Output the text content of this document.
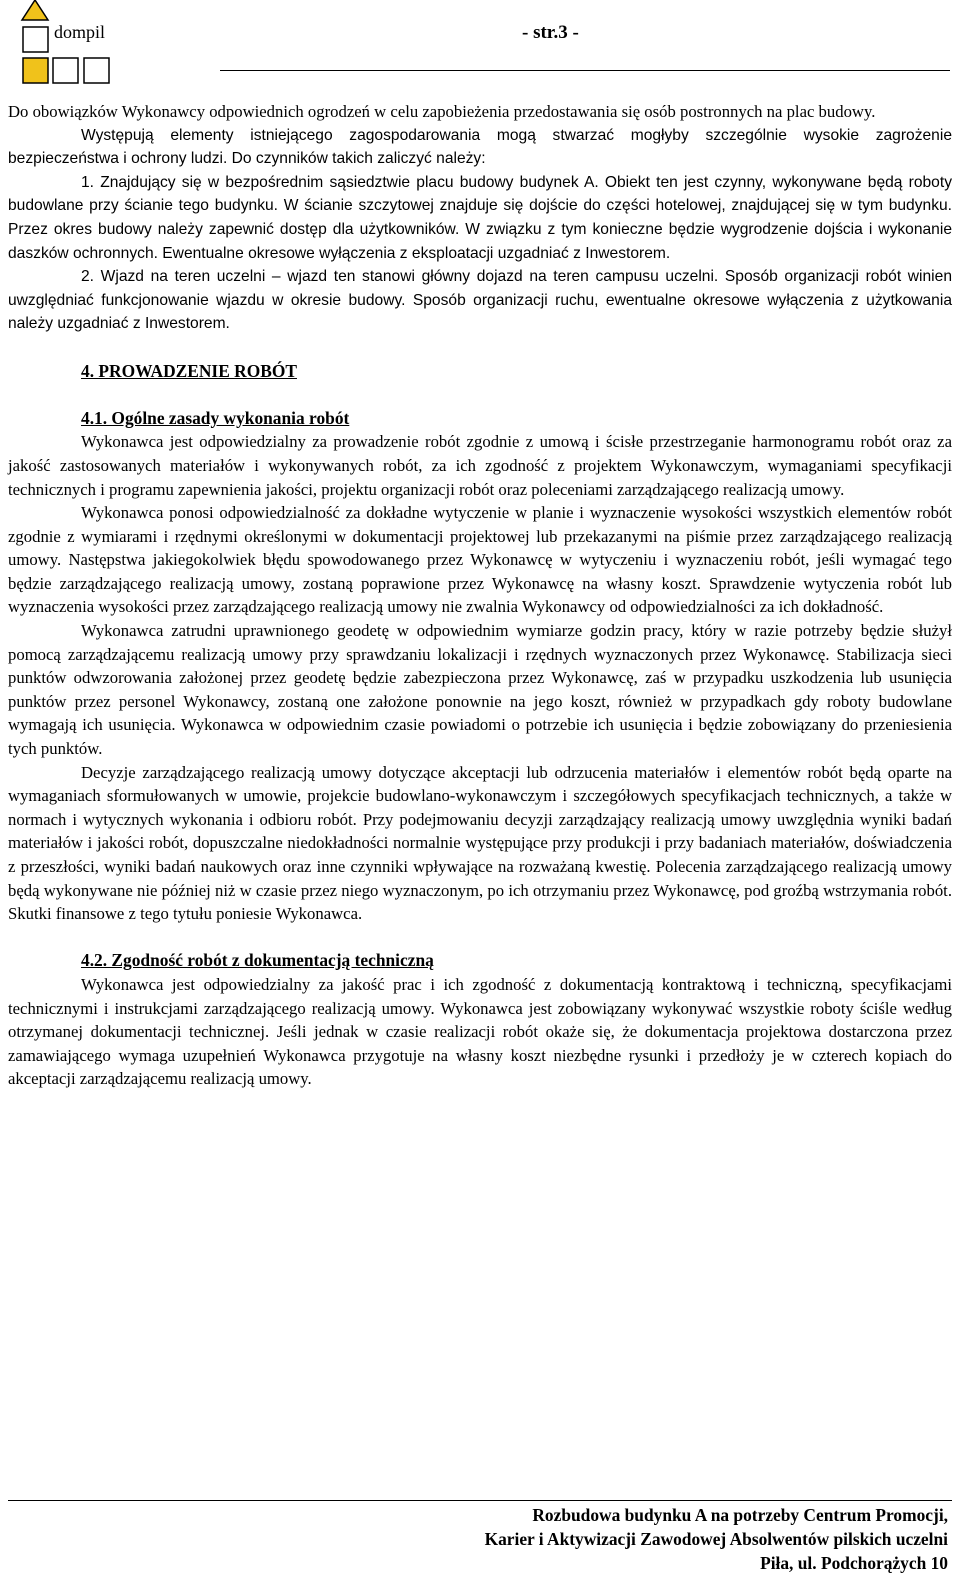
dompil	- str.3 -

Do obowiązków Wykonawcy odpowiednich ogrodzeń w celu zapobieżenia przedostawania się osób postronnych na plac budowy.

Występują elementy istniejącego zagospodarowania mogą stwarzać mogłyby szczególnie wysokie zagrożenie bezpieczeństwa i ochrony ludzi. Do czynników takich zaliczyć należy:

1. Znajdujący się w bezpośrednim sąsiedztwie placu budowy budynek A. Obiekt ten jest czynny, wykonywane będą roboty budowlane przy ścianie tego budynku. W ścianie szczytowej znajduje się dojście do części hotelowej, znajdującej się w tym budynku. Przez okres budowy należy zapewnić dostęp dla użytkowników. W związku z tym konieczne będzie wygrodzenie dojścia i wykonanie daszków ochronnych. Ewentualne okresowe wyłączenia z eksploatacji uzgadniać z Inwestorem.

2. Wjazd na teren uczelni – wjazd ten stanowi główny dojazd na teren campusu uczelni. Sposób organizacji robót winien uwzględniać funkcjonowanie wjazdu w okresie budowy. Sposób organizacji ruchu, ewentualne okresowe wyłączenia z użytkowania należy uzgadniać z Inwestorem.

4. PROWADZENIE ROBÓT

4.1. Ogólne zasady wykonania robót

Wykonawca jest odpowiedzialny za prowadzenie robót zgodnie z umową i ścisłe przestrzeganie harmonogramu robót oraz za jakość zastosowanych materiałów i wykonywanych robót, za ich zgodność z projektem Wykonawczym, wymaganiami specyfikacji technicznych i programu zapewnienia jakości, projektu organizacji robót oraz poleceniami zarządzającego realizacją umowy.

Wykonawca ponosi odpowiedzialność za dokładne wytyczenie w planie i wyznaczenie wysokości wszystkich elementów robót zgodnie z wymiarami i rzędnymi określonymi w dokumentacji projektowej lub przekazanymi na piśmie przez zarządzającego realizacją umowy. Następstwa jakiegokolwiek błędu spowodowanego przez Wykonawcę w wytyczeniu i wyznaczeniu robót, jeśli wymagać tego będzie zarządzającego realizacją umowy, zostaną poprawione przez Wykonawcę na własny koszt. Sprawdzenie wytyczenia robót lub wyznaczenia wysokości przez zarządzającego realizacją umowy nie zwalnia Wykonawcy od odpowiedzialności za ich dokładność.

Wykonawca zatrudni uprawnionego geodetę w odpowiednim wymiarze godzin pracy, który w razie potrzeby będzie służył pomocą zarządzającemu realizacją umowy przy sprawdzaniu lokalizacji i rzędnych wyznaczonych przez Wykonawcę. Stabilizacja sieci punktów odwzorowania założonej przez geodetę będzie zabezpieczona przez Wykonawcę, zaś w przypadku uszkodzenia lub usunięcia punktów przez personel Wykonawcy, zostaną one założone ponownie na jego koszt, również w przypadkach gdy roboty budowlane wymagają ich usunięcia. Wykonawca w odpowiednim czasie powiadomi o potrzebie ich usunięcia i będzie zobowiązany do przeniesienia tych punktów.

Decyzje zarządzającego realizacją umowy dotyczące akceptacji lub odrzucenia materiałów i elementów robót będą oparte na wymaganiach sformułowanych w umowie, projekcie budowlano-wykonawczym i szczegółowych specyfikacjach technicznych, a także w normach i wytycznych wykonania i odbioru robót. Przy podejmowaniu decyzji zarządzający realizacją umowy uwzględnia wyniki badań materiałów i jakości robót, dopuszczalne niedokładności normalnie występujące przy produkcji i przy badaniach materiałów, doświadczenia z przeszłości, wyniki badań naukowych oraz inne czynniki wpływające na rozważaną kwestię. Polecenia zarządzającego realizacją umowy będą wykonywane nie później niż w czasie przez niego wyznaczonym, po ich otrzymaniu przez Wykonawcę, pod groźbą wstrzymania robót. Skutki finansowe z tego tytułu poniesie Wykonawca.

4.2. Zgodność robót z dokumentacją techniczną

Wykonawca jest odpowiedzialny za jakość prac i ich zgodność z dokumentacją kontraktową i techniczną, specyfikacjami technicznymi i instrukcjami zarządzającego realizacją umowy. Wykonawca jest zobowiązany wykonywać wszystkie roboty ściśle według otrzymanej dokumentacji technicznej. Jeśli jednak w czasie realizacji robót okaże się, że dokumentacja projektowa dostarczona przez zamawiającego wymaga uzupełnień Wykonawca przygotuje na własny koszt niezbędne rysunki i przedłoży je w czterech kopiach do akceptacji zarządzającemu realizacją umowy.

Rozbudowa budynku A na potrzeby Centrum Promocji,
Karier i Aktywizacji Zawodowej Absolwentów pilskich uczelni
Piła, ul. Podchorążych 10
